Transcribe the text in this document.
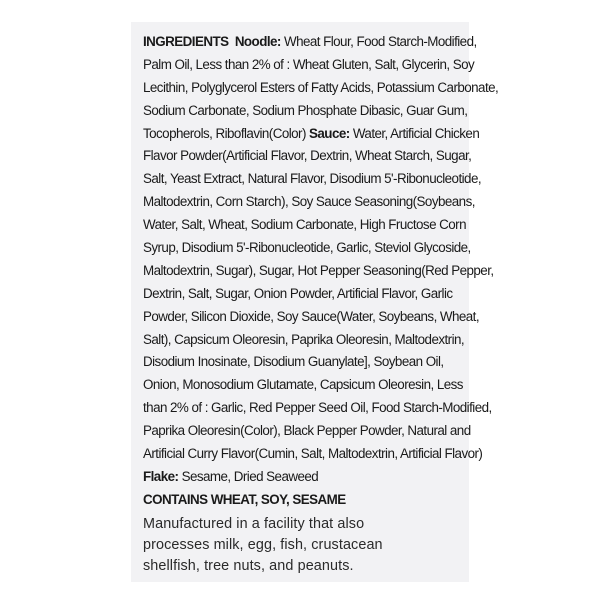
INGREDIENTS Noodle: Wheat Flour, Food Starch-Modified,
Palm Oil, Less than 2% of : Wheat Gluten, Salt, Glycerin, Soy
Lecithin, Polyglycerol Esters of Fatty Acids, Potassium Carbonate,
Sodium Carbonate, Sodium Phosphate Dibasic, Guar Gum,
Tocopherols, Riboflavin(Color) Sauce: Water, Artificial Chicken
Flavor Powder(Artificial Flavor, Dextrin, Wheat Starch, Sugar,
Salt, Yeast Extract, Natural Flavor, Disodium 5'-Ribonucleotide,
Maltodextrin, Corn Starch), Soy Sauce Seasoning(Soybeans,
Water, Salt, Wheat, Sodium Carbonate, High Fructose Corn
Syrup, Disodium 5'-Ribonucleotide, Garlic, Steviol Glycoside,
Maltodextrin, Sugar), Sugar, Hot Pepper Seasoning(Red Pepper,
Dextrin, Salt, Sugar, Onion Powder, Artificial Flavor, Garlic
Powder, Silicon Dioxide, Soy Sauce(Water, Soybeans, Wheat,
Salt), Capsicum Oleoresin, Paprika Oleoresin, Maltodextrin,
Disodium Inosinate, Disodium Guanylate], Soybean Oil,
Onion, Monosodium Glutamate, Capsicum Oleoresin, Less
than 2% of : Garlic, Red Pepper Seed Oil, Food Starch-Modified,
Paprika Oleoresin(Color), Black Pepper Powder, Natural and
Artificial Curry Flavor(Cumin, Salt, Maltodextrin, Artificial Flavor)
Flake: Sesame, Dried Seaweed
CONTAINS WHEAT, SOY, SESAME
Manufactured in a facility that also
processes milk, egg, fish, crustacean
shellfish, tree nuts, and peanuts.
